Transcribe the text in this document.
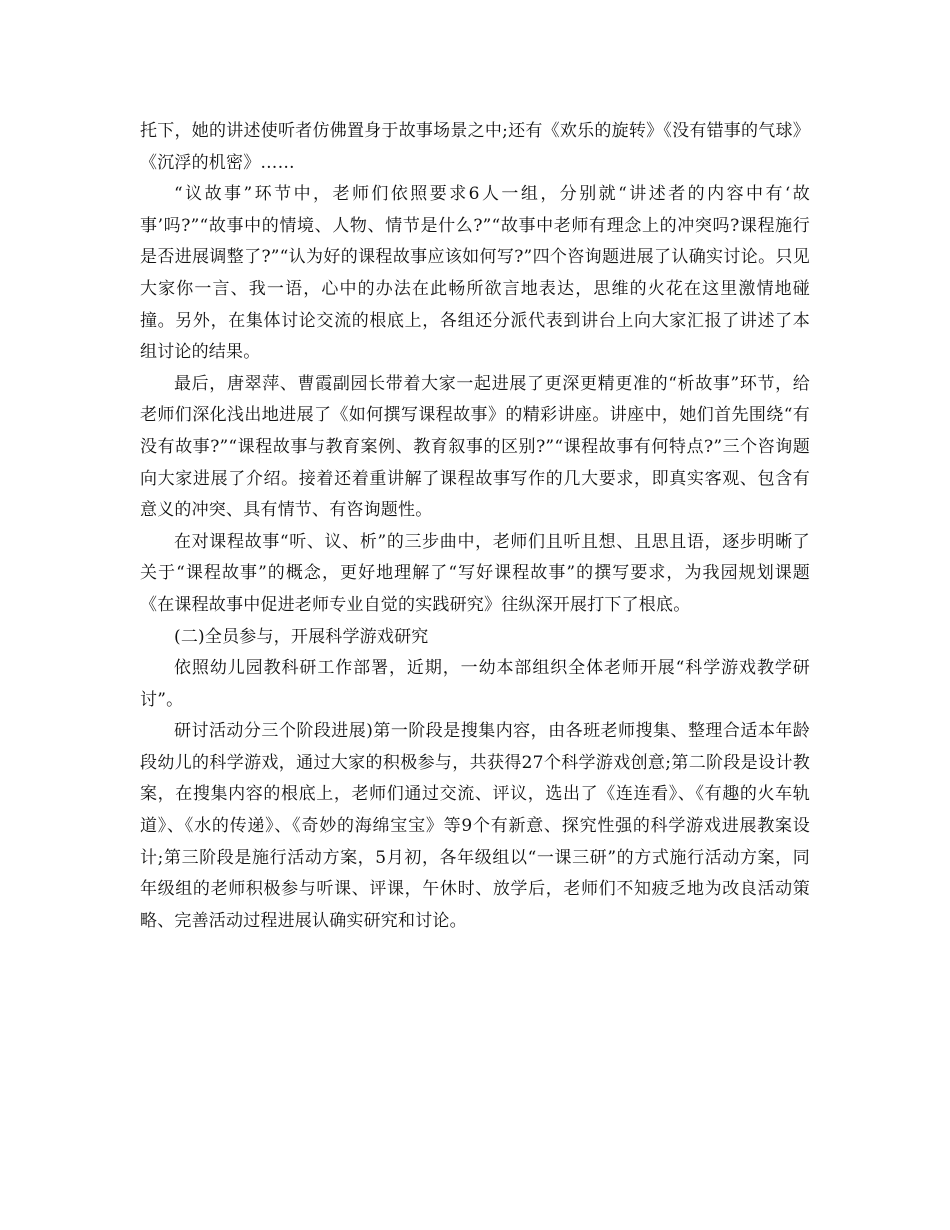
托下，她的讲述使听者仿佛置身于故事场景之中;还有《欢乐的旋转》《没有错事的气球》《沉浮的机密》……

“议故事”环节中，老师们依照要求6人一组，分别就“讲述者的内容中有‘故事’吗?”“故事中的情境、人物、情节是什么?”“故事中老师有理念上的冲突吗?课程施行是否进展调整了?”“认为好的课程故事应该如何写?”四个咨询题进展了认确实讨论。只见大家你一言、我一语，心中的办法在此畅所欲言地表达，思维的火花在这里激情地碰撞。另外，在集体讨论交流的根底上，各组还分派代表到讲台上向大家汇报了讲述了本组讨论的结果。

最后，唐翠萍、曹霞副园长带着大家一起进展了更深更精更准的“析故事”环节，给老师们深化浅出地进展了《如何撰写课程故事》的精彩讲座。讲座中，她们首先围绕“有没有故事?”“课程故事与教育案例、教育叙事的区别?”“课程故事有何特点?”三个咨询题向大家进展了介绍。接着还着重讲解了课程故事写作的几大要求，即真实客观、包含有意义的冲突、具有情节、有咨询题性。

在对课程故事“听、议、析”的三步曲中，老师们且听且想、且思且语，逐步明晰了关于“课程故事”的概念，更好地理解了“写好课程故事”的撰写要求，为我园规划课题《在课程故事中促进老师专业自觉的实践研究》往纵深开展打下了根底。

(二)全员参与，开展科学游戏研究

依照幼儿园教科研工作部署，近期，一幼本部组织全体老师开展“科学游戏教学研讨”。

研讨活动分三个阶段进展)第一阶段是搜集内容，由各班老师搜集、整理合适本年龄段幼儿的科学游戏，通过大家的积极参与，共获得27个科学游戏创意;第二阶段是设计教案，在搜集内容的根底上，老师们通过交流、评议，选出了《连连看》、《有趣的火车轨道》、《水的传递》、《奇妙的海绵宝宝》等9个有新意、探究性强的科学游戏进展教案设计;第三阶段是施行活动方案，5月初，各年级组以“一课三研”的方式施行活动方案，同年级组的老师积极参与听课、评课，午休时、放学后，老师们不知疲乏地为改良活动策略、完善活动过程进展认确实研究和讨论。
